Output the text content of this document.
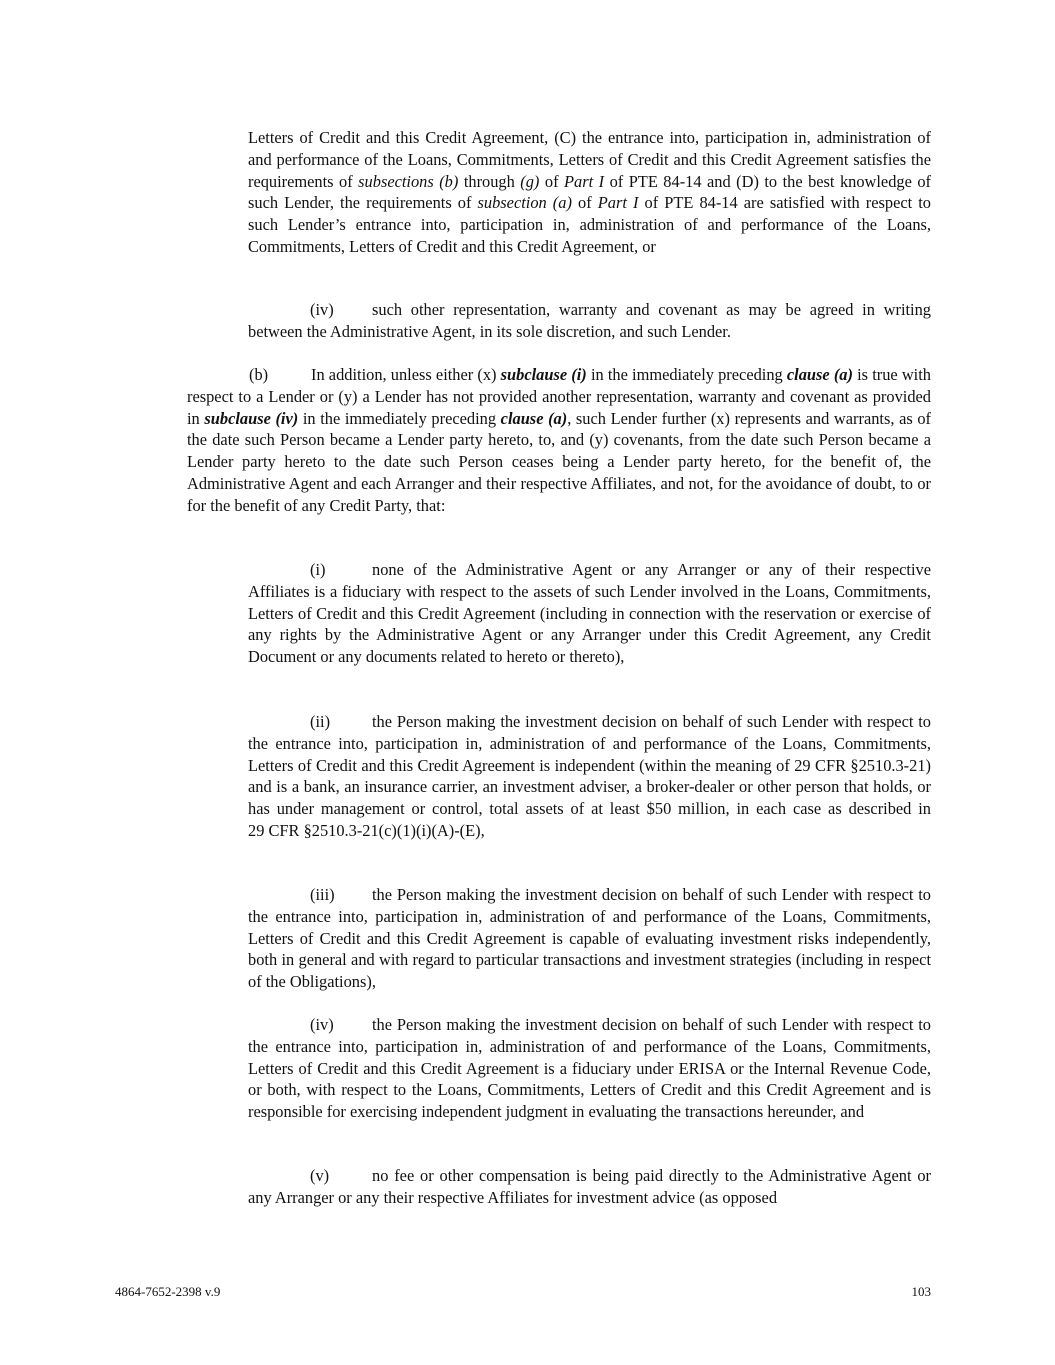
Letters of Credit and this Credit Agreement, (C) the entrance into, participation in, administration of and performance of the Loans, Commitments, Letters of Credit and this Credit Agreement satisfies the requirements of subsections (b) through (g) of Part I of PTE 84-14 and (D) to the best knowledge of such Lender, the requirements of subsection (a) of Part I of PTE 84-14 are satisfied with respect to such Lender’s entrance into, participation in, administration of and performance of the Loans, Commitments, Letters of Credit and this Credit Agreement, or

(iv) such other representation, warranty and covenant as may be agreed in writing between the Administrative Agent, in its sole discretion, and such Lender.

(b)	In addition, unless either (x) subclause (i) in the immediately preceding clause (a) is true with respect to a Lender or (y) a Lender has not provided another representation, warranty and covenant as provided in subclause (iv) in the immediately preceding clause (a), such Lender further (x) represents and warrants, as of the date such Person became a Lender party hereto, to, and (y) covenants, from the date such Person became a Lender party hereto to the date such Person ceases being a Lender party hereto, for the benefit of, the Administrative Agent and each Arranger and their respective Affiliates, and not, for the avoidance of doubt, to or for the benefit of any Credit Party, that:

(i)	none of the Administrative Agent or any Arranger or any of their respective Affiliates is a fiduciary with respect to the assets of such Lender involved in the Loans, Commitments, Letters of Credit and this Credit Agreement (including in connection with the reservation or exercise of any rights by the Administrative Agent or any Arranger under this Credit Agreement, any Credit Document or any documents related to hereto or thereto),

(ii)	the Person making the investment decision on behalf of such Lender with respect to the entrance into, participation in, administration of and performance of the Loans, Commitments, Letters of Credit and this Credit Agreement is independent (within the meaning of 29 CFR §2510.3-21) and is a bank, an insurance carrier, an investment adviser, a broker-dealer or other person that holds, or has under management or control, total assets of at least $50 million, in each case as described in 29 CFR §2510.3-21(c)(1)(i)(A)-(E),

(iii) the Person making the investment decision on behalf of such Lender with respect to the entrance into, participation in, administration of and performance of the Loans, Commitments, Letters of Credit and this Credit Agreement is capable of evaluating investment risks independently, both in general and with regard to particular transactions and investment strategies (including in respect of the Obligations),

(iv) the Person making the investment decision on behalf of such Lender with respect to the entrance into, participation in, administration of and performance of the Loans, Commitments, Letters of Credit and this Credit Agreement is a fiduciary under ERISA or the Internal Revenue Code, or both, with respect to the Loans, Commitments, Letters of Credit and this Credit Agreement and is responsible for exercising independent judgment in evaluating the transactions hereunder, and

(v)	no fee or other compensation is being paid directly to the Administrative Agent or any Arranger or any their respective Affiliates for investment advice (as opposed

4864-7652-2398 v.9	103
